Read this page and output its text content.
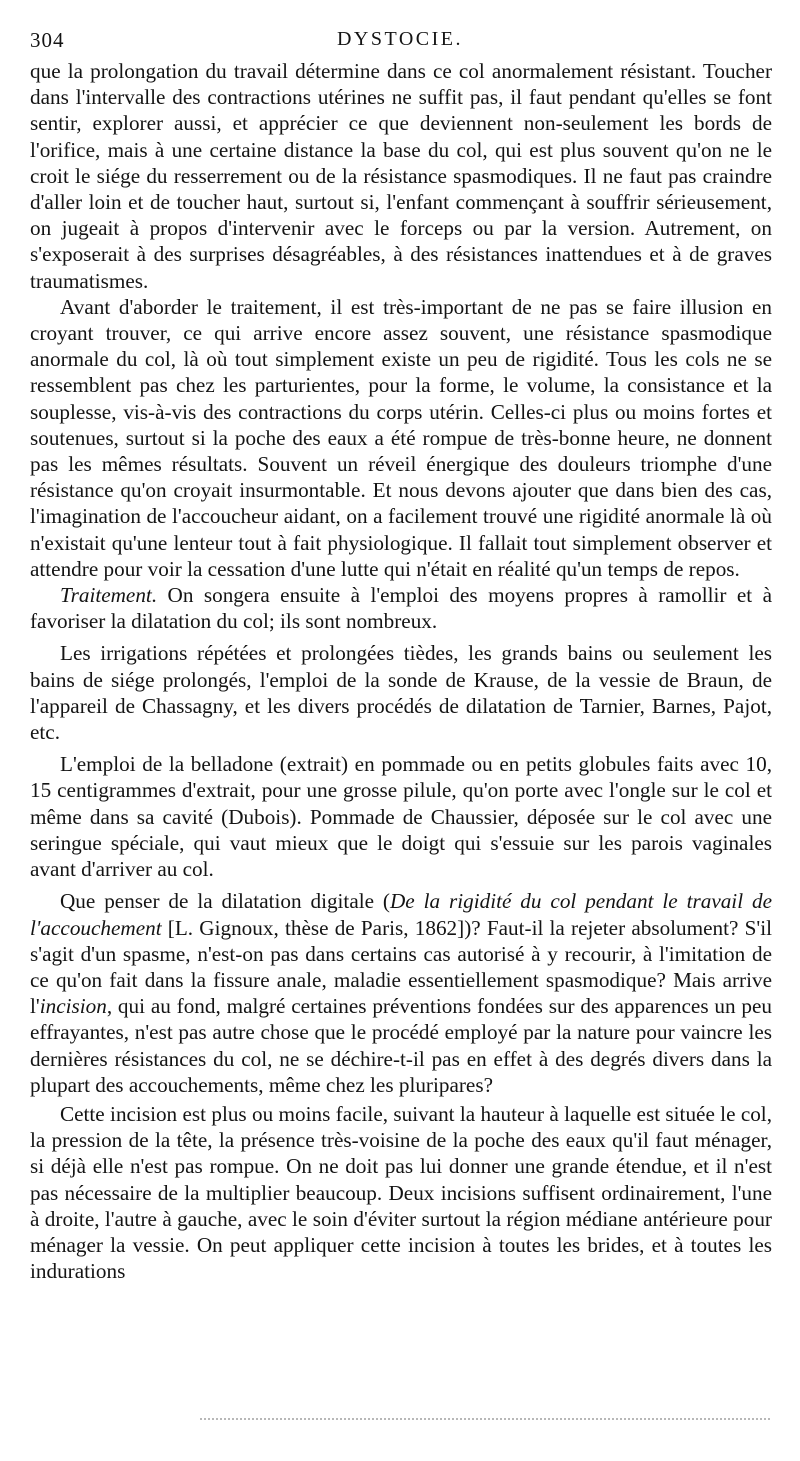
304	DYSTOCIE.

que la prolongation du travail détermine dans ce col anormalement résistant. Toucher dans l'intervalle des contractions utérines ne suffit pas, il faut pendant qu'elles se font sentir, explorer aussi, et apprécier ce que deviennent non-seulement les bords de l'orifice, mais à une certaine distance la base du col, qui est plus souvent qu'on ne le croit le siége du resserrement ou de la résistance spasmodiques. Il ne faut pas craindre d'aller loin et de toucher haut, surtout si, l'enfant commençant à souffrir sérieusement, on jugeait à propos d'intervenir avec le forceps ou par la version. Autrement, on s'exposerait à des surprises désagréables, à des résistances inattendues et à de graves traumatismes.

Avant d'aborder le traitement, il est très-important de ne pas se faire illusion en croyant trouver, ce qui arrive encore assez souvent, une résistance spasmodique anormale du col, là où tout simplement existe un peu de rigidité. Tous les cols ne se ressemblent pas chez les parturientes, pour la forme, le volume, la consistance et la souplesse, vis-à-vis des contractions du corps utérin. Celles-ci plus ou moins fortes et soutenues, surtout si la poche des eaux a été rompue de très-bonne heure, ne donnent pas les mêmes résultats. Souvent un réveil énergique des douleurs triomphe d'une résistance qu'on croyait insurmontable. Et nous devons ajouter que dans bien des cas, l'imagination de l'accoucheur aidant, on a facilement trouvé une rigidité anormale là où n'existait qu'une lenteur tout à fait physiologique. Il fallait tout simplement observer et attendre pour voir la cessation d'une lutte qui n'était en réalité qu'un temps de repos.

Traitement. On songera ensuite à l'emploi des moyens propres à ramollir et à favoriser la dilatation du col; ils sont nombreux.

Les irrigations répétées et prolongées tièdes, les grands bains ou seulement les bains de siége prolongés, l'emploi de la sonde de Krause, de la vessie de Braun, de l'appareil de Chassagny, et les divers procédés de dilatation de Tarnier, Barnes, Pajot, etc.

L'emploi de la belladone (extrait) en pommade ou en petits globules faits avec 10, 15 centigrammes d'extrait, pour une grosse pilule, qu'on porte avec l'ongle sur le col et même dans sa cavité (Dubois). Pommade de Chaussier, déposée sur le col avec une seringue spéciale, qui vaut mieux que le doigt qui s'essuie sur les parois vaginales avant d'arriver au col.

Que penser de la dilatation digitale (De la rigidité du col pendant le travail de l'accouchement [L. Gignoux, thèse de Paris, 1862])? Faut-il la rejeter absolument? S'il s'agit d'un spasme, n'est-on pas dans certains cas autorisé à y recourir, à l'imitation de ce qu'on fait dans la fissure anale, maladie essentiellement spasmodique? Mais arrive l'incision, qui au fond, malgré certaines préventions fondées sur des apparences un peu effrayantes, n'est pas autre chose que le procédé employé par la nature pour vaincre les dernières résistances du col, ne se déchire-t-il pas en effet à des degrés divers dans la plupart des accouchements, même chez les pluripares?

Cette incision est plus ou moins facile, suivant la hauteur à laquelle est située le col, la pression de la tête, la présence très-voisine de la poche des eaux qu'il faut ménager, si déjà elle n'est pas rompue. On ne doit pas lui donner une grande étendue, et il n'est pas nécessaire de la multiplier beaucoup. Deux incisions suffisent ordinairement, l'une à droite, l'autre à gauche, avec le soin d'éviter surtout la région médiane antérieure pour ménager la vessie. On peut appliquer cette incision à toutes les brides, et à toutes les indurations
